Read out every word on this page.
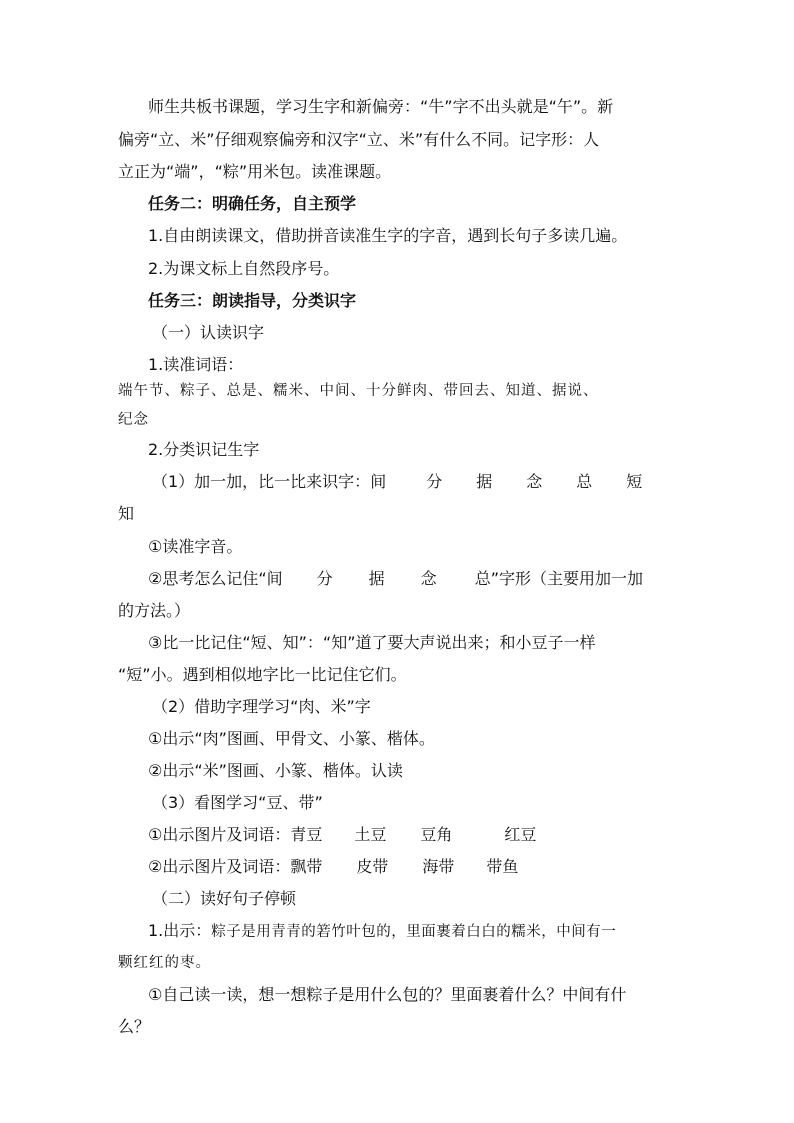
师生共板书课题，学习生字和新偏旁：“牛”字不出头就是“午”。新
偏旁“立、米”仔细观察偏旁和汉字“立、米”有什么不同。记字形：人
立正为“端”，“粽”用米包。读准课题。
任务二：明确任务，自主预学
1.自由朗读课文，借助拼音读准生字的字音，遇到长句子多读几遍。
2.为课文标上自然段序号。
任务三：朗读指导，分类识字
（一）认读识字
1.读准词语：
端午节、粽子、总是、糯米、中间、十分鲜肉、带回去、知道、据说、
纪念
2.分类识记生字
（1）加一加，比一比来识字：间	分 据 念 总 短
知
①读准字音。
②思考怎么记住“间 分 据 念 总”字形（主要用加一加
的方法。）
③比一比记住“短、知”：“知”道了要大声说出来；和小豆子一样
“短”小。遇到相似地字比一比记住它们。
（2）借助字理学习“肉、米”字
①出示“肉”图画、甲骨文、小篆、楷体。
②出示“米”图画、小篆、楷体。认读
（3）看图学习“豆、带”
①出示图片及词语：青豆 土豆 豆角	红豆
②出示图片及词语：飘带 皮带 海带 带鱼
（二）读好句子停顿
1.出示：粽子是用青青的箬竹叶包的，里面裹着白白的糯米，中间有一
颗红红的枣。
①自己读一读，想一想粽子是用什么包的？里面裹着什么？中间有什
么？
